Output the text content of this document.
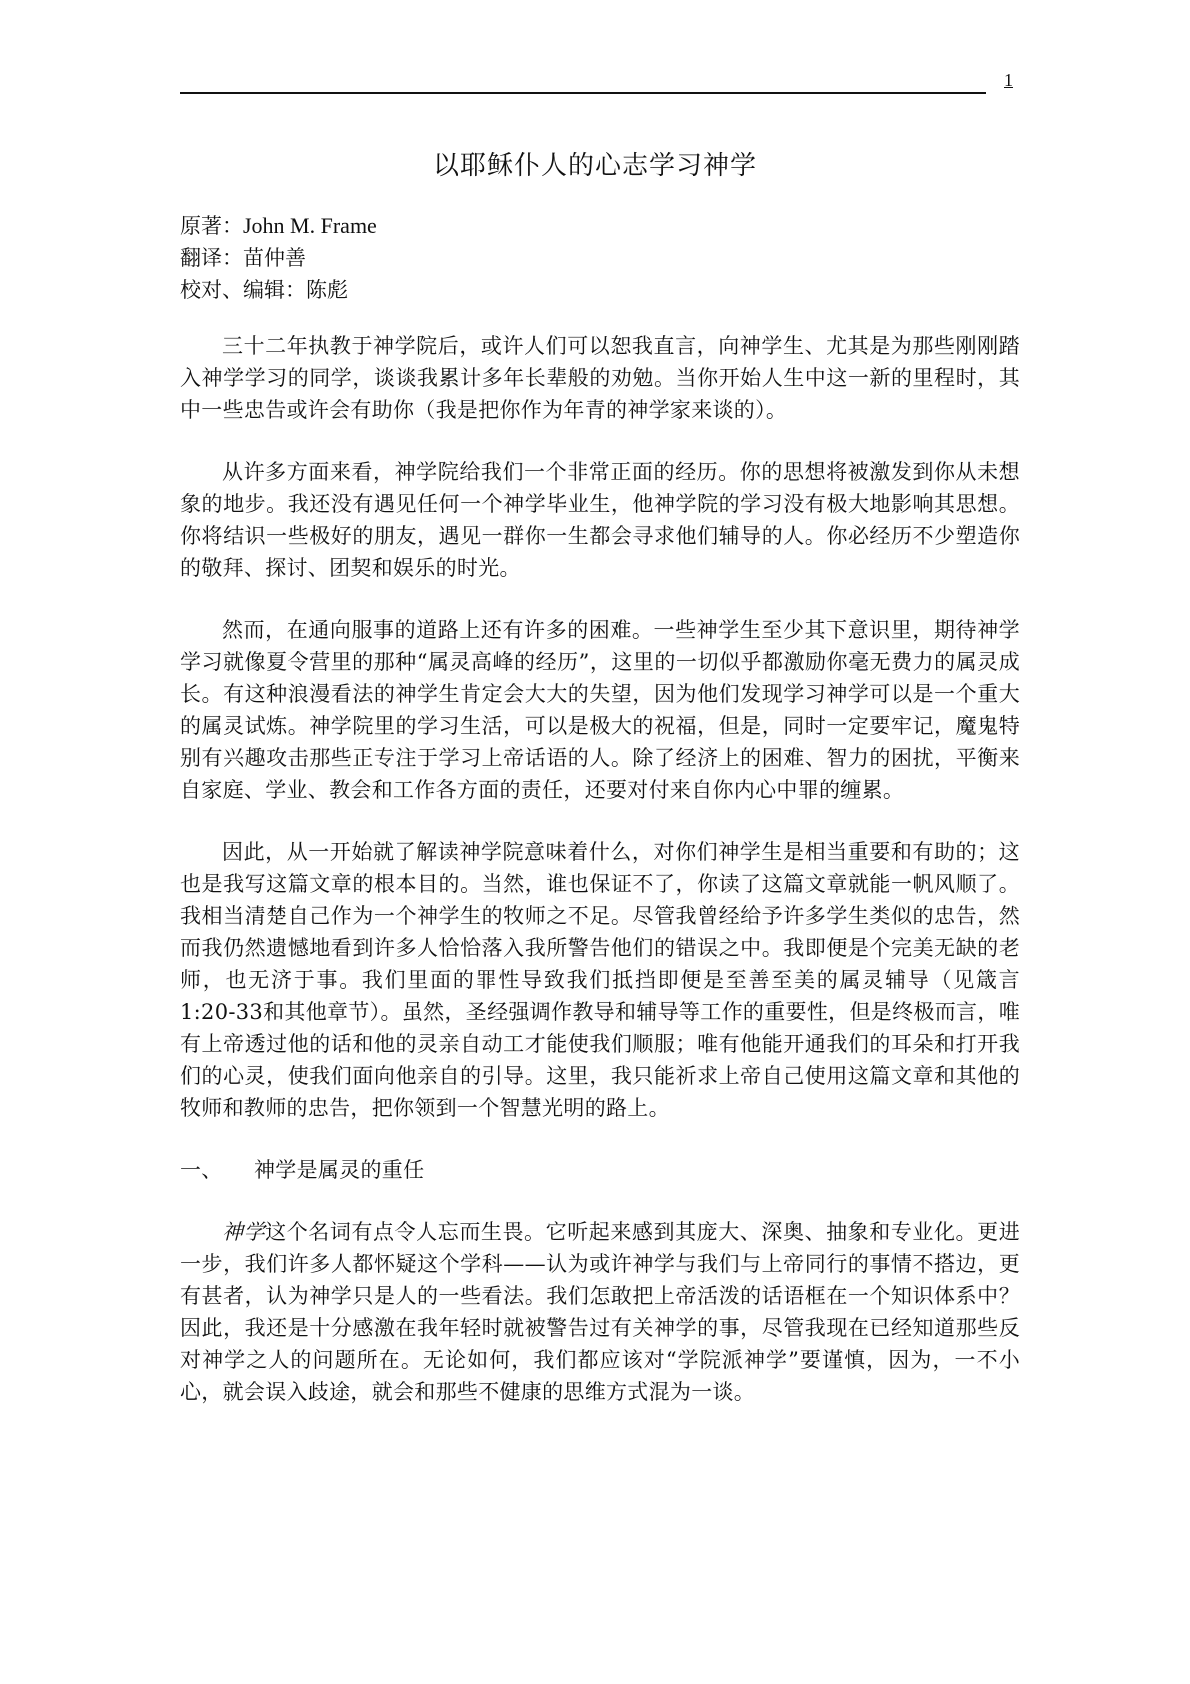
1
以耶稣仆人的心志学习神学
原著：John M. Frame
翻译：苗仲善
校对、编辑：陈彪

三十二年执教于神学院后，或许人们可以恕我直言，向神学生、尤其是为那些刚刚踏入神学学习的同学，谈谈我累计多年长辈般的劝勉。当你开始人生中这一新的里程时，其中一些忠告或许会有助你（我是把你作为年青的神学家来谈的）。

从许多方面来看，神学院给我们一个非常正面的经历。你的思想将被激发到你从未想象的地步。我还没有遇见任何一个神学毕业生，他神学院的学习没有极大地影响其思想。你将结识一些极好的朋友，遇见一群你一生都会寻求他们辅导的人。你必经历不少塑造你的敬拜、探讨、团契和娱乐的时光。

然而，在通向服事的道路上还有许多的困难。一些神学生至少其下意识里，期待神学学习就像夏令营里的那种“属灵高峰的经历”，这里的一切似乎都激励你毫无费力的属灵成长。有这种浪漫看法的神学生肯定会大大的失望，因为他们发现学习神学可以是一个重大的属灵试炼。神学院里的学习生活，可以是极大的祝福，但是，同时一定要牢记，魔鬼特别有兴趣攻击那些正专注于学习上帝话语的人。除了经济上的困难、智力的困扰，平衡来自家庭、学业、教会和工作各方面的责任，还要对付来自你内心中罪的缠累。

因此，从一开始就了解读神学院意味着什么，对你们神学生是相当重要和有助的；这也是我写这篇文章的根本目的。当然，谁也保证不了，你读了这篇文章就能一帆风顺了。我相当清楚自己作为一个神学生的牧师之不足。尽管我曾经给予许多学生类似的忠告，然而我仍然遗憾地看到许多人恰恰落入我所警告他们的错误之中。我即便是个完美无缺的老师，也无济于事。我们里面的罪性导致我们抵挡即便是至善至美的属灵辅导（见箴言1:20-33和其他章节）。虽然，圣经强调作教导和辅导等工作的重要性，但是终极而言，唯有上帝透过他的话和他的灵亲自动工才能使我们顺服；唯有他能开通我们的耳朵和打开我们的心灵，使我们面向他亲自的引导。这里，我只能祈求上帝自己使用这篇文章和其他的牧师和教师的忠告，把你领到一个智慧光明的路上。

一、 神学是属灵的重任

神学这个名词有点令人忘而生畏。它听起来感到其庞大、深奥、抽象和专业化。更进一步，我们许多人都怀疑这个学科——认为或许神学与我们与上帝同行的事情不搭边，更有甚者，认为神学只是人的一些看法。我们怎敢把上帝活泼的话语框在一个知识体系中？因此，我还是十分感激在我年轻时就被警告过有关神学的事，尽管我现在已经知道那些反对神学之人的问题所在。无论如何，我们都应该对“学院派神学”要谨慎，因为，一不小心，就会误入歧途，就会和那些不健康的思维方式混为一谈。
